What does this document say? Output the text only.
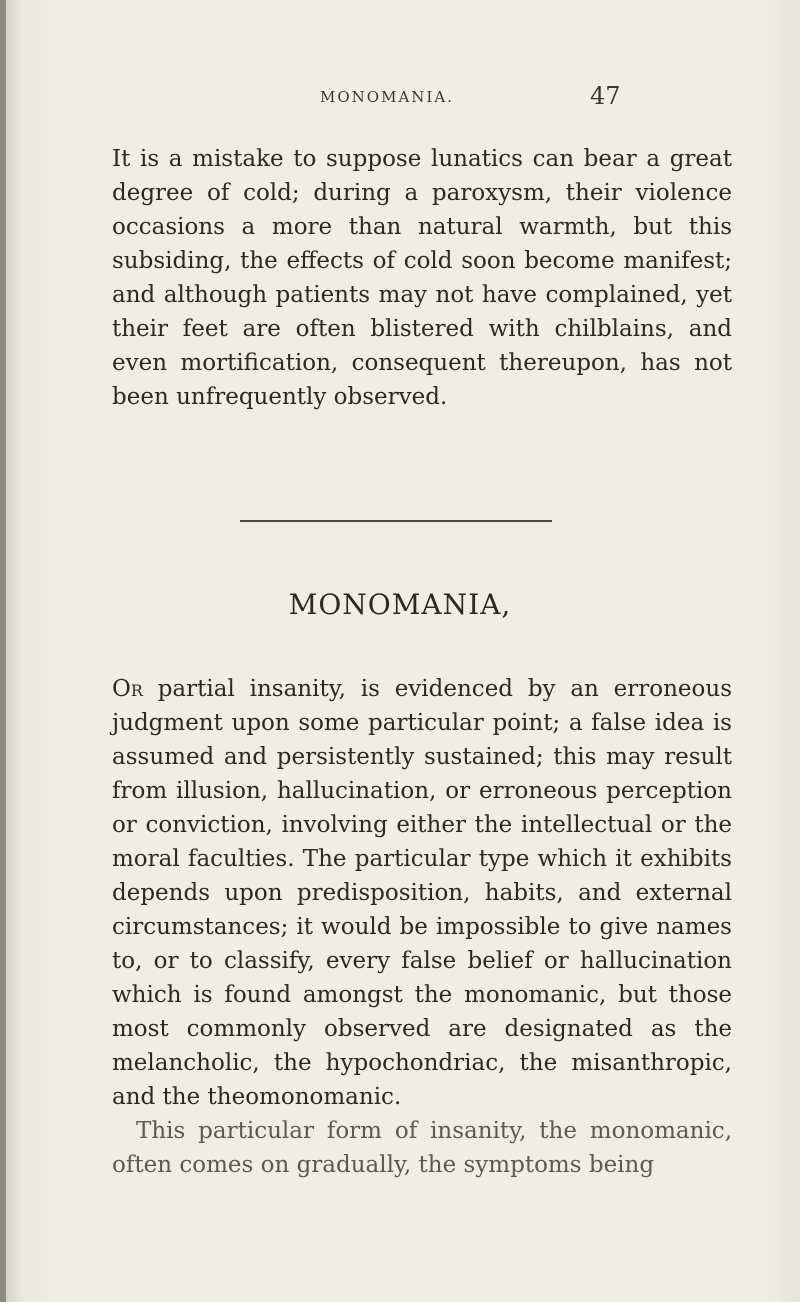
MONOMANIA.	47
It is a mistake to suppose lunatics can bear a great degree of cold; during a paroxysm, their violence occasions a more than natural warmth, but this subsiding, the effects of cold soon become manifest; and although patients may not have complained, yet their feet are often blistered with chilblains, and even mortification, consequent thereupon, has not been unfrequently observed.
MONOMANIA,
Or partial insanity, is evidenced by an erroneous judgment upon some particular point; a false idea is assumed and persistently sustained; this may result from illusion, hallucination, or erroneous perception or conviction, involving either the intellectual or the moral faculties. The particular type which it exhibits depends upon predisposition, habits, and external circumstances; it would be impossible to give names to, or to classify, every false belief or hallucination which is found amongst the monomanic, but those most commonly observed are designated as the melancholic, the hypochondriac, the misanthropic, and the theomonomanic.
This particular form of insanity, the monomanic, often comes on gradually, the symptoms being
